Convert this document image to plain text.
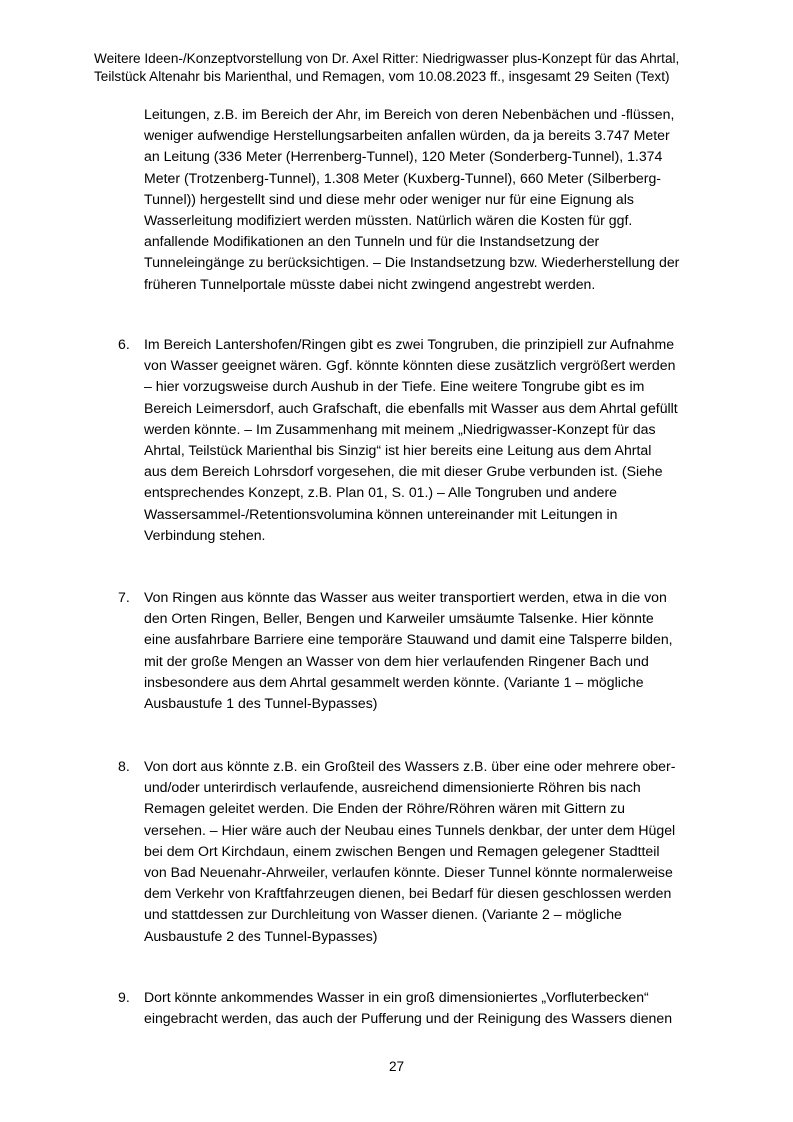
Weitere Ideen-/Konzeptvorstellung von Dr. Axel Ritter: Niedrigwasser plus-Konzept für das Ahrtal,
Teilstück Altenahr bis Marienthal, und Remagen, vom 10.08.2023 ff., insgesamt 29 Seiten (Text)
Leitungen, z.B. im Bereich der Ahr, im Bereich von deren Nebenbächen und -flüssen,
weniger aufwendige Herstellungsarbeiten anfallen würden, da ja bereits 3.747 Meter
an Leitung (336 Meter (Herrenberg-Tunnel), 120 Meter (Sonderberg-Tunnel), 1.374
Meter (Trotzenberg-Tunnel), 1.308 Meter (Kuxberg-Tunnel), 660 Meter (Silberberg-
Tunnel)) hergestellt sind und diese mehr oder weniger nur für eine Eignung als
Wasserleitung modifiziert werden müssten. Natürlich wären die Kosten für ggf.
anfallende Modifikationen an den Tunneln und für die Instandsetzung der
Tunneleingänge zu berücksichtigen. – Die Instandsetzung bzw. Wiederherstellung der
früheren Tunnelportale müsste dabei nicht zwingend angestrebt werden.
6. Im Bereich Lantershofen/Ringen gibt es zwei Tongruben, die prinzipiell zur Aufnahme
von Wasser geeignet wären. Ggf. könnte könnten diese zusätzlich vergrößert werden
– hier vorzugsweise durch Aushub in der Tiefe. Eine weitere Tongrube gibt es im
Bereich Leimersdorf, auch Grafschaft, die ebenfalls mit Wasser aus dem Ahrtal gefüllt
werden könnte. – Im Zusammenhang mit meinem „Niedrigwasser-Konzept für das
Ahrtal, Teilstück Marienthal bis Sinzig“ ist hier bereits eine Leitung aus dem Ahrtal
aus dem Bereich Lohrsdorf vorgesehen, die mit dieser Grube verbunden ist. (Siehe
entsprechendes Konzept, z.B. Plan 01, S. 01.) – Alle Tongruben und andere
Wassersammel-/Retentionsvolumina können untereinander mit Leitungen in
Verbindung stehen.
7. Von Ringen aus könnte das Wasser aus weiter transportiert werden, etwa in die von
den Orten Ringen, Beller, Bengen und Karweiler umsäumte Talsenke. Hier könnte
eine ausfahrbare Barriere eine temporäre Stauwand und damit eine Talsperre bilden,
mit der große Mengen an Wasser von dem hier verlaufenden Ringener Bach und
insbesondere aus dem Ahrtal gesammelt werden könnte. (Variante 1 – mögliche
Ausbaustufe 1 des Tunnel-Bypasses)
8. Von dort aus könnte z.B. ein Großteil des Wassers z.B. über eine oder mehrere ober-
und/oder unterirdisch verlaufende, ausreichend dimensionierte Röhren bis nach
Remagen geleitet werden. Die Enden der Röhre/Röhren wären mit Gittern zu
versehen. – Hier wäre auch der Neubau eines Tunnels denkbar, der unter dem Hügel
bei dem Ort Kirchdaun, einem zwischen Bengen und Remagen gelegener Stadtteil
von Bad Neuenahr-Ahrweiler, verlaufen könnte. Dieser Tunnel könnte normalerweise
dem Verkehr von Kraftfahrzeugen dienen, bei Bedarf für diesen geschlossen werden
und stattdessen zur Durchleitung von Wasser dienen. (Variante 2 – mögliche
Ausbaustufe 2 des Tunnel-Bypasses)
9. Dort könnte ankommendes Wasser in ein groß dimensioniertes „Vorfluterbecken“
eingebracht werden, das auch der Pufferung und der Reinigung des Wassers dienen
27
